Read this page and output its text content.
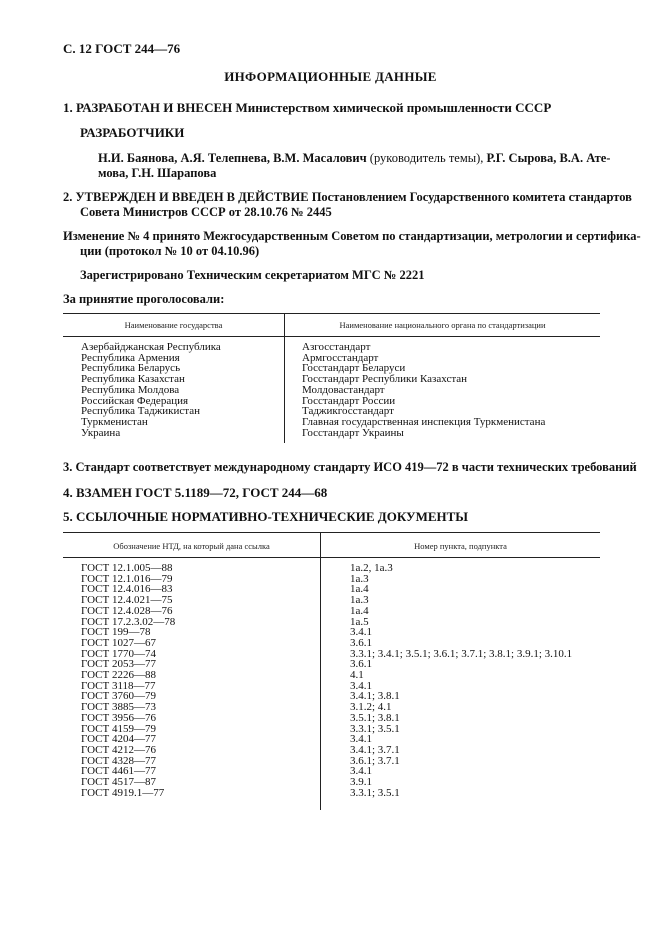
С. 12 ГОСТ 244—76
ИНФОРМАЦИОННЫЕ ДАННЫЕ
1. РАЗРАБОТАН И ВНЕСЕН Министерством химической промышленности СССР
РАЗРАБОТЧИКИ
Н.И. Баянова, А.Я. Телепнева, В.М. Масалович (руководитель темы), Р.Г. Сырова, В.А. Ате-
мова, Г.Н. Шарапова
2. УТВЕРЖДЕН И ВВЕДЕН В ДЕЙСТВИЕ Постановлением Государственного комитета стандартов
Совета Министров СССР от 28.10.76 № 2445
Изменение № 4 принято Межгосударственным Советом по стандартизации, метрологии и сертифика-
ции (протокол № 10 от 04.10.96)
Зарегистрировано Техническим секретариатом МГС № 2221
За принятие проголосовали:
Наименование государства	Наименование национального органа по стандартизации
Азербайджанская Республика
Республика Армения
Республика Беларусь
Республика Казахстан
Республика Молдова
Российская Федерация
Республика Таджикистан
Туркменистан
Украина
Азгосстандарт
Армгосстандарт
Госстандарт Беларуси
Госстандарт Республики Казахстан
Молдовастандарт
Госстандарт России
Таджикгосстандарт
Главная государственная инспекция Туркменистана
Госстандарт Украины
3. Стандарт соответствует международному стандарту ИСО 419—72 в части технических требований
4. ВЗАМЕН ГОСТ 5.1189—72, ГОСТ 244—68
5. ССЫЛОЧНЫЕ НОРМАТИВНО-ТЕХНИЧЕСКИЕ ДОКУМЕНТЫ
Обозначение НТД, на который дана ссылка	Номер пункта, подпункта
ГОСТ 12.1.005—88
ГОСТ 12.1.016—79
ГОСТ 12.4.016—83
ГОСТ 12.4.021—75
ГОСТ 12.4.028—76
ГОСТ 17.2.3.02—78
ГОСТ 199—78
ГОСТ 1027—67
ГОСТ 1770—74
ГОСТ 2053—77
ГОСТ 2226—88
ГОСТ 3118—77
ГОСТ 3760—79
ГОСТ 3885—73
ГОСТ 3956—76
ГОСТ 4159—79
ГОСТ 4204—77
ГОСТ 4212—76
ГОСТ 4328—77
ГОСТ 4461—77
ГОСТ 4517—87
ГОСТ 4919.1—77
1а.2, 1а.3
1а.3
1а.4
1а.3
1а.4
1а.5
3.4.1
3.6.1
3.3.1; 3.4.1; 3.5.1; 3.6.1; 3.7.1; 3.8.1; 3.9.1; 3.10.1
3.6.1
4.1
3.4.1
3.4.1; 3.8.1
3.1.2; 4.1
3.5.1; 3.8.1
3.3.1; 3.5.1
3.4.1
3.4.1; 3.7.1
3.6.1; 3.7.1
3.4.1
3.9.1
3.3.1; 3.5.1
